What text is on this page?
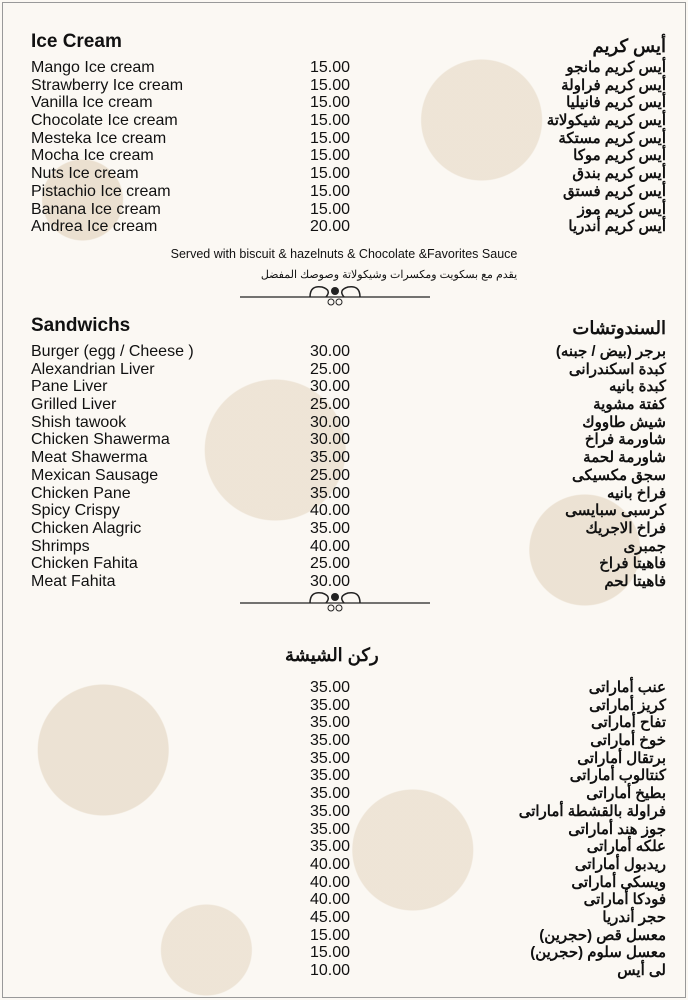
Ice Cream	أيس كريم
Mango Ice cream
Strawberry Ice cream
Vanilla Ice cream
Chocolate Ice cream
Mesteka Ice cream
Mocha Ice cream
Nuts Ice cream
Pistachio Ice cream
Banana Ice cream
Andrea Ice cream
15.00
15.00
15.00
15.00
15.00
15.00
15.00
15.00
15.00
20.00
أيس كريم مانجو
أيس كريم فراولة
أيس كريم فانيليا
أيس كريم شيكولاتة
أيس كريم مستكة
أيس كريم موكا
أيس كريم بندق
أيس كريم فستق
أيس كريم موز
أيس كريم أندريا
Served with biscuit & hazelnuts & Chocolate &Favorites Sauce
يقدم مع بسكويت ومكسرات وشيكولاتة وصوصك المفضل
Sandwichs	السندوتشات
Burger (egg / Cheese )
Alexandrian Liver
Pane Liver
Grilled Liver
Shish tawook
Chicken Shawerma
Meat Shawerma
Mexican Sausage
Chicken Pane
Spicy Crispy
Chicken Alagric
Shrimps
Chicken Fahita
Meat Fahita
30.00
25.00
30.00
25.00
30.00
30.00
35.00
25.00
35.00
40.00
35.00
40.00
25.00
30.00
برجر (بيض / جبنه)
كبدة اسكندرانى
كبدة بانيه
كفتة مشوية
شيش طاووك
شاورمة فراخ
شاورمة لحمة
سجق مكسيكى
فراخ بانيه
كرسبى سبايسى
فراخ الاجريك
جمبرى
فاهيتا فراخ
فاهيتا لحم
ركن الشيشة
35.00
35.00
35.00
35.00
35.00
35.00
35.00
35.00
35.00
35.00
40.00
40.00
40.00
45.00
15.00
15.00
10.00
عنب أماراتى
كريز أماراتى
تفاح أماراتى
خوخ أماراتى
برتقال أماراتى
كنتالوب أماراتى
بطيخ أماراتى
فراولة بالقشطة أماراتى
جوز هند أماراتى
علكه أماراتى
ريدبول أماراتى
ويسكى أماراتى
فودكا أماراتى
حجر أندريا
معسل قص (حجرين)
معسل سلوم (حجرين)
لى أيس
